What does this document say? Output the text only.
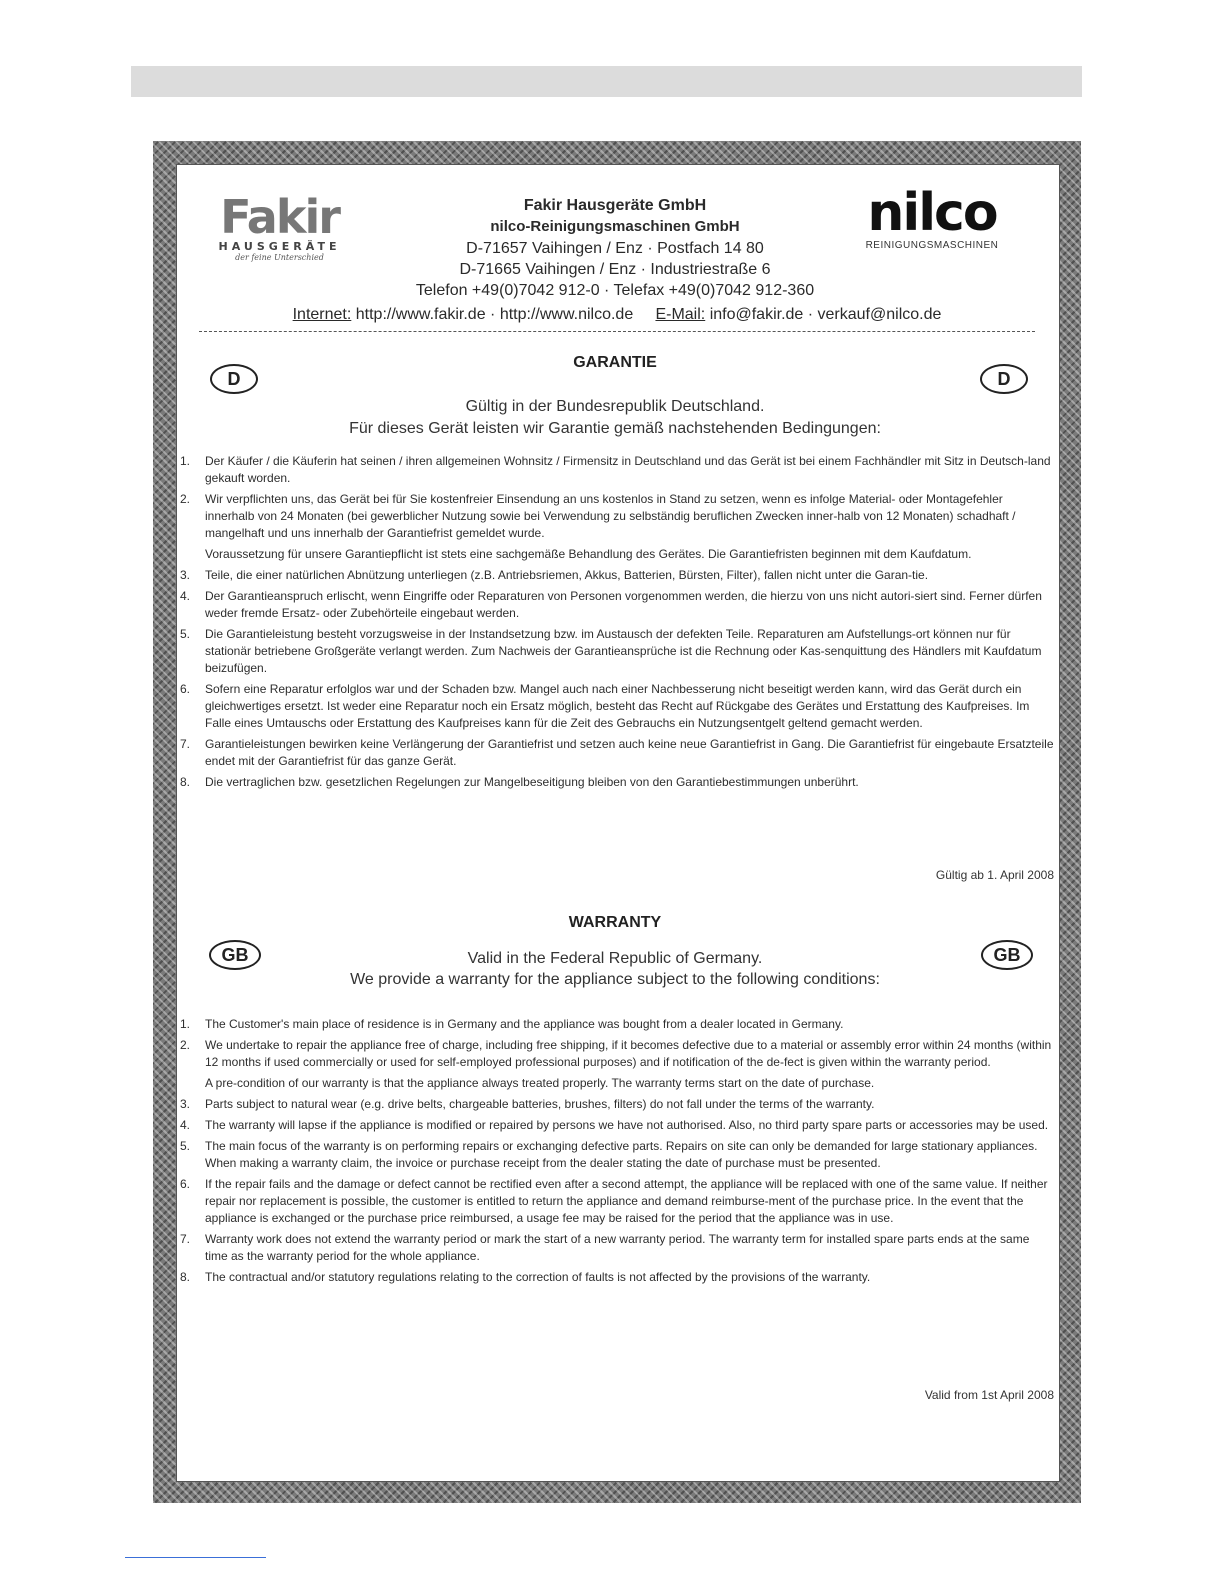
Fakir
HAUSGERÄTE
der feine Unterschied
nilco
REINIGUNGSMASCHINEN
Fakir Hausgeräte GmbH
nilco-Reinigungsmaschinen GmbH
D-71657 Vaihingen / Enz · Postfach 14 80
D-71665 Vaihingen / Enz · Industriestraße 6
Telefon +49(0)7042 912-0 · Telefax +49(0)7042 912-360
Internet: http://www.fakir.de · http://www.nilco.de E-Mail: info@fakir.de · verkauf@nilco.de
D	D
GARANTIE
Gültig in der Bundesrepublik Deutschland.
Für dieses Gerät leisten wir Garantie gemäß nachstehenden Bedingungen:
1.	Der Käufer / die Käuferin hat seinen / ihren allgemeinen Wohnsitz / Firmensitz in Deutschland und das Gerät ist bei einem Fachhändler mit Sitz in Deutsch-land gekauft worden.
2.	Wir verpflichten uns, das Gerät bei für Sie kostenfreier Einsendung an uns kostenlos in Stand zu setzen, wenn es infolge Material- oder Montagefehler innerhalb von 24 Monaten (bei gewerblicher Nutzung sowie bei Verwendung zu selbständig beruflichen Zwecken inner-halb von 12 Monaten) schadhaft / mangelhaft und uns innerhalb der Garantiefrist gemeldet wurde.
Voraussetzung für unsere Garantiepflicht ist stets eine sachgemäße Behandlung des Gerätes. Die Garantiefristen beginnen mit dem Kaufdatum.
3.	Teile, die einer natürlichen Abnützung unterliegen (z.B. Antriebsriemen, Akkus, Batterien, Bürsten, Filter), fallen nicht unter die Garan-tie.
4.	Der Garantieanspruch erlischt, wenn Eingriffe oder Reparaturen von Personen vorgenommen werden, die hierzu von uns nicht autori-siert sind. Ferner dürfen weder fremde Ersatz- oder Zubehörteile eingebaut werden.
5.	Die Garantieleistung besteht vorzugsweise in der Instandsetzung bzw. im Austausch der defekten Teile. Reparaturen am Aufstellungs-ort können nur für stationär betriebene Großgeräte verlangt werden. Zum Nachweis der Garantieansprüche ist die Rechnung oder Kas-senquittung des Händlers mit Kaufdatum beizufügen.
6.	Sofern eine Reparatur erfolglos war und der Schaden bzw. Mangel auch nach einer Nachbesserung nicht beseitigt werden kann, wird das Gerät durch ein gleichwertiges ersetzt. Ist weder eine Reparatur noch ein Ersatz möglich, besteht das Recht auf Rückgabe des Gerätes und Erstattung des Kaufpreises. Im Falle eines Umtauschs oder Erstattung des Kaufpreises kann für die Zeit des Gebrauchs ein Nutzungsentgelt geltend gemacht werden.
7.	Garantieleistungen bewirken keine Verlängerung der Garantiefrist und setzen auch keine neue Garantiefrist in Gang. Die Garantiefrist für eingebaute Ersatzteile endet mit der Garantiefrist für das ganze Gerät.
8.	Die vertraglichen bzw. gesetzlichen Regelungen zur Mangelbeseitigung bleiben von den Garantiebestimmungen unberührt.
Gültig ab 1. April 2008
GB	GB
WARRANTY
Valid in the Federal Republic of Germany.
We provide a warranty for the appliance subject to the following conditions:
1.	The Customer's main place of residence is in Germany and the appliance was bought from a dealer located in Germany.
2.	We undertake to repair the appliance free of charge, including free shipping, if it becomes defective due to a material or assembly error within 24 months (within 12 months if used commercially or used for self-employed professional purposes) and if notification of the de-fect is given within the warranty period.
A pre-condition of our warranty is that the appliance always treated properly. The warranty terms start on the date of purchase.
3.	Parts subject to natural wear (e.g. drive belts, chargeable batteries, brushes, filters) do not fall under the terms of the warranty.
4.	The warranty will lapse if the appliance is modified or repaired by persons we have not authorised. Also, no third party spare parts or accessories may be used.
5.	The main focus of the warranty is on performing repairs or exchanging defective parts. Repairs on site can only be demanded for large stationary appliances. When making a warranty claim, the invoice or purchase receipt from the dealer stating the date of purchase must be presented.
6.	If the repair fails and the damage or defect cannot be rectified even after a second attempt, the appliance will be replaced with one of the same value. If neither repair nor replacement is possible, the customer is entitled to return the appliance and demand reimburse-ment of the purchase price. In the event that the appliance is exchanged or the purchase price reimbursed, a usage fee may be raised for the period that the appliance was in use.
7.	Warranty work does not extend the warranty period or mark the start of a new warranty period. The warranty term for installed spare parts ends at the same time as the warranty period for the whole appliance.
8.	The contractual and/or statutory regulations relating to the correction of faults is not affected by the provisions of the warranty.
Valid from 1st April 2008
